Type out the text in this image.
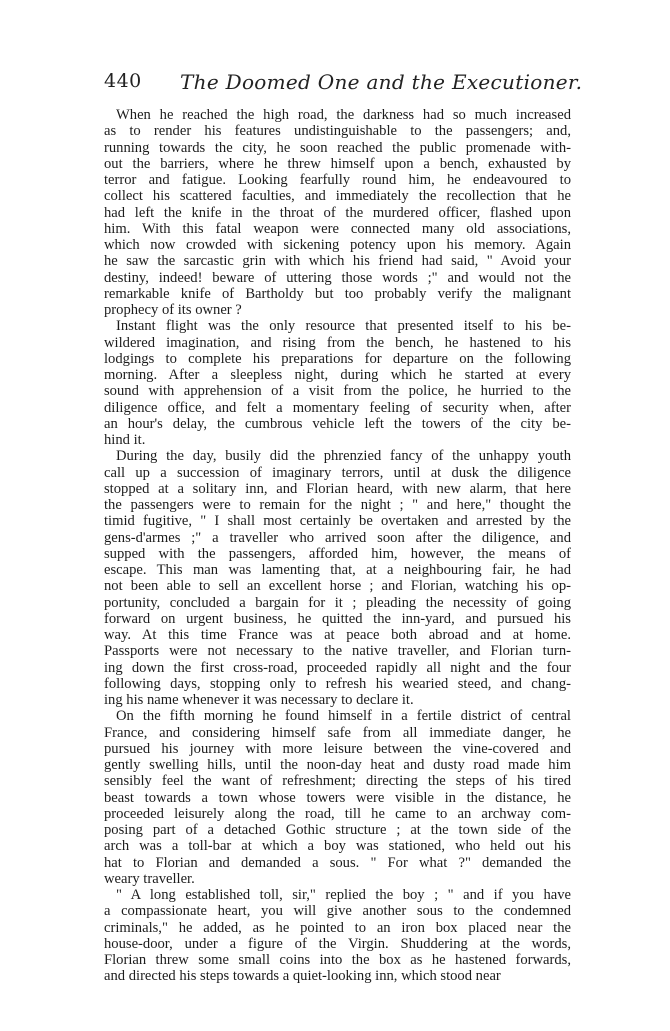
440 The Doomed One and the Executioner.

When he reached the high road, the darkness had so much increased
as to render his features undistinguishable to the passengers; and,
running towards the city, he soon reached the public promenade with-
out the barriers, where he threw himself upon a bench, exhausted by
terror and fatigue. Looking fearfully round him, he endeavoured to
collect his scattered faculties, and immediately the recollection that he
had left the knife in the throat of the murdered officer, flashed upon
him. With this fatal weapon were connected many old associations,
which now crowded with sickening potency upon his memory. Again
he saw the sarcastic grin with which his friend had said, " Avoid your
destiny, indeed! beware of uttering those words ;" and would not the
remarkable knife of Bartholdy but too probably verify the malignant
prophecy of its owner ?

Instant flight was the only resource that presented itself to his be-
wildered imagination, and rising from the bench, he hastened to his
lodgings to complete his preparations for departure on the following
morning. After a sleepless night, during which he started at every
sound with apprehension of a visit from the police, he hurried to the
diligence office, and felt a momentary feeling of security when, after
an hour's delay, the cumbrous vehicle left the towers of the city be-
hind it.

During the day, busily did the phrenzied fancy of the unhappy youth
call up a succession of imaginary terrors, until at dusk the diligence
stopped at a solitary inn, and Florian heard, with new alarm, that here
the passengers were to remain for the night ; " and here," thought the
timid fugitive, " I shall most certainly be overtaken and arrested by the
gens-d'armes ;" a traveller who arrived soon after the diligence, and
supped with the passengers, afforded him, however, the means of
escape. This man was lamenting that, at a neighbouring fair, he had
not been able to sell an excellent horse ; and Florian, watching his op-
portunity, concluded a bargain for it ; pleading the necessity of going
forward on urgent business, he quitted the inn-yard, and pursued his
way. At this time France was at peace both abroad and at home.
Passports were not necessary to the native traveller, and Florian turn-
ing down the first cross-road, proceeded rapidly all night and the four
following days, stopping only to refresh his wearied steed, and chang-
ing his name whenever it was necessary to declare it.

On the fifth morning he found himself in a fertile district of central
France, and considering himself safe from all immediate danger, he
pursued his journey with more leisure between the vine-covered and
gently swelling hills, until the noon-day heat and dusty road made him
sensibly feel the want of refreshment; directing the steps of his tired
beast towards a town whose towers were visible in the distance, he
proceeded leisurely along the road, till he came to an archway com-
posing part of a detached Gothic structure ; at the town side of the
arch was a toll-bar at which a boy was stationed, who held out his
hat to Florian and demanded a sous. " For what ?" demanded the
weary traveller.

" A long established toll, sir," replied the boy ; " and if you have
a compassionate heart, you will give another sous to the condemned
criminals," he added, as he pointed to an iron box placed near the
house-door, under a figure of the Virgin. Shuddering at the words,
Florian threw some small coins into the box as he hastened forwards,
and directed his steps towards a quiet-looking inn, which stood near
